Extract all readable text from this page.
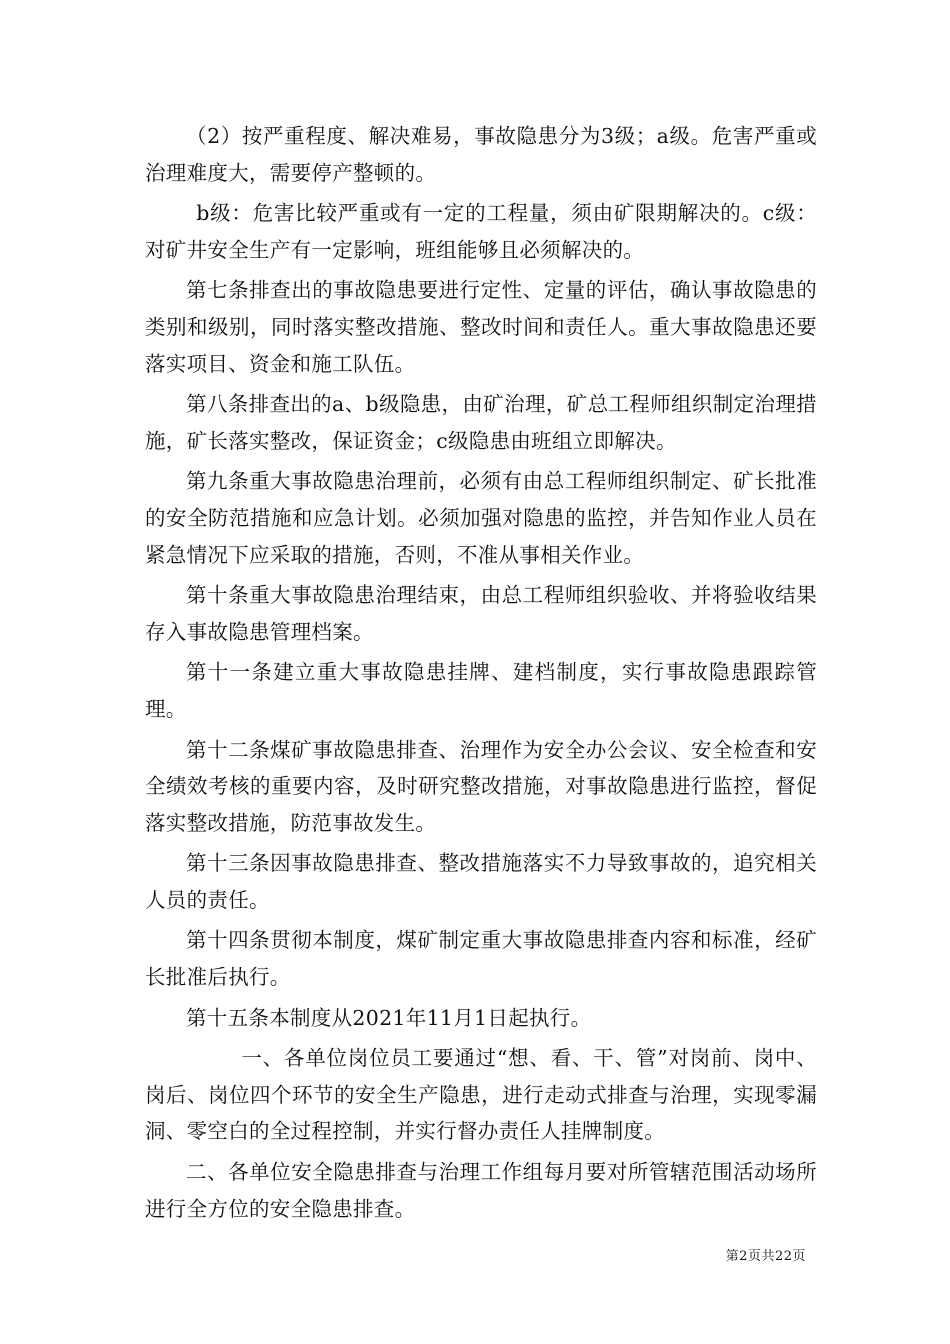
（2）按严重程度、解决难易，事故隐患分为3级；a级。危害严重或治理难度大，需要停产整顿的。

b级：危害比较严重或有一定的工程量，须由矿限期解决的。c级：对矿井安全生产有一定影响，班组能够且必须解决的。

第七条排查出的事故隐患要进行定性、定量的评估，确认事故隐患的类别和级别，同时落实整改措施、整改时间和责任人。重大事故隐患还要落实项目、资金和施工队伍。

第八条排查出的a、b级隐患，由矿治理，矿总工程师组织制定治理措施，矿长落实整改，保证资金；c级隐患由班组立即解决。

第九条重大事故隐患治理前，必须有由总工程师组织制定、矿长批准的安全防范措施和应急计划。必须加强对隐患的监控，并告知作业人员在紧急情况下应采取的措施，否则，不准从事相关作业。

第十条重大事故隐患治理结束，由总工程师组织验收、并将验收结果存入事故隐患管理档案。

第十一条建立重大事故隐患挂牌、建档制度，实行事故隐患跟踪管理。

第十二条煤矿事故隐患排查、治理作为安全办公会议、安全检查和安全绩效考核的重要内容，及时研究整改措施，对事故隐患进行监控，督促落实整改措施，防范事故发生。

第十三条因事故隐患排查、整改措施落实不力导致事故的，追究相关人员的责任。

第十四条贯彻本制度，煤矿制定重大事故隐患排查内容和标准，经矿长批准后执行。

第十五条本制度从2021年11月1日起执行。

一、各单位岗位员工要通过“想、看、干、管”对岗前、岗中、岗后、岗位四个环节的安全生产隐患，进行走动式排查与治理，实现零漏洞、零空白的全过程控制，并实行督办责任人挂牌制度。

二、各单位安全隐患排查与治理工作组每月要对所管辖范围活动场所进行全方位的安全隐患排查。

第2页共22页
